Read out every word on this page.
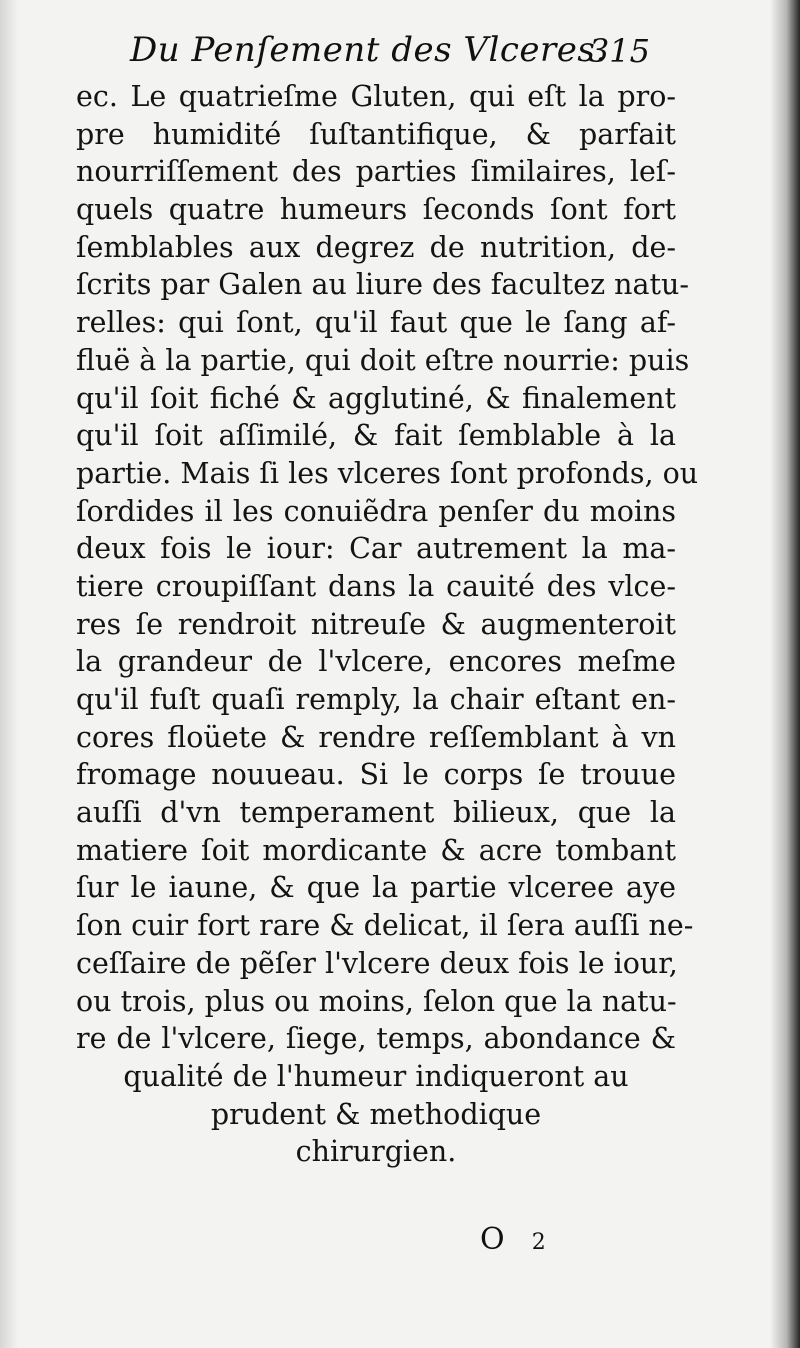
Du Penſement des Vlceres.
315
ec. Le quatrieſme Gluten, qui eſt la pro-
pre humidité ſuſtantifique, & parfait
nourriſſement des parties ſimilaires, leſ-
quels quatre humeurs ſeconds ſont fort
ſemblables aux degrez de nutrition, de-
ſcrits par Galen au liure des facultez natu-
relles: qui ſont, qu'il faut que le ſang af-
fluë à la partie, qui doit eſtre nourrie: puis
qu'il ſoit fiché & agglutiné, & finalement
qu'il ſoit aſſimilé, & fait ſemblable à la
partie. Mais ſi les vlceres ſont profonds, ou
ſordides il les conuiẽdra penſer du moins
deux fois le iour: Car autrement la ma-
tiere croupiſſant dans la cauité des vlce-
res ſe rendroit nitreuſe & augmenteroit
la grandeur de l'vlcere, encores meſme
qu'il fuſt quaſi remply, la chair eſtant en-
cores floüete & rendre reſſemblant à vn
fromage nouueau. Si le corps ſe trouue
auſſi d'vn temperament bilieux, que la
matiere ſoit mordicante & acre tombant
ſur le iaune, & que la partie vlceree aye
ſon cuir fort rare & delicat, il ſera auſſi ne-
ceſſaire de pẽſer l'vlcere deux fois le iour,
ou trois, plus ou moins, ſelon que la natu-
re de l'vlcere, ſiege, temps, abondance &
qualité de l'humeur indiqueront au
prudent & methodique
chirurgien.
O 2
